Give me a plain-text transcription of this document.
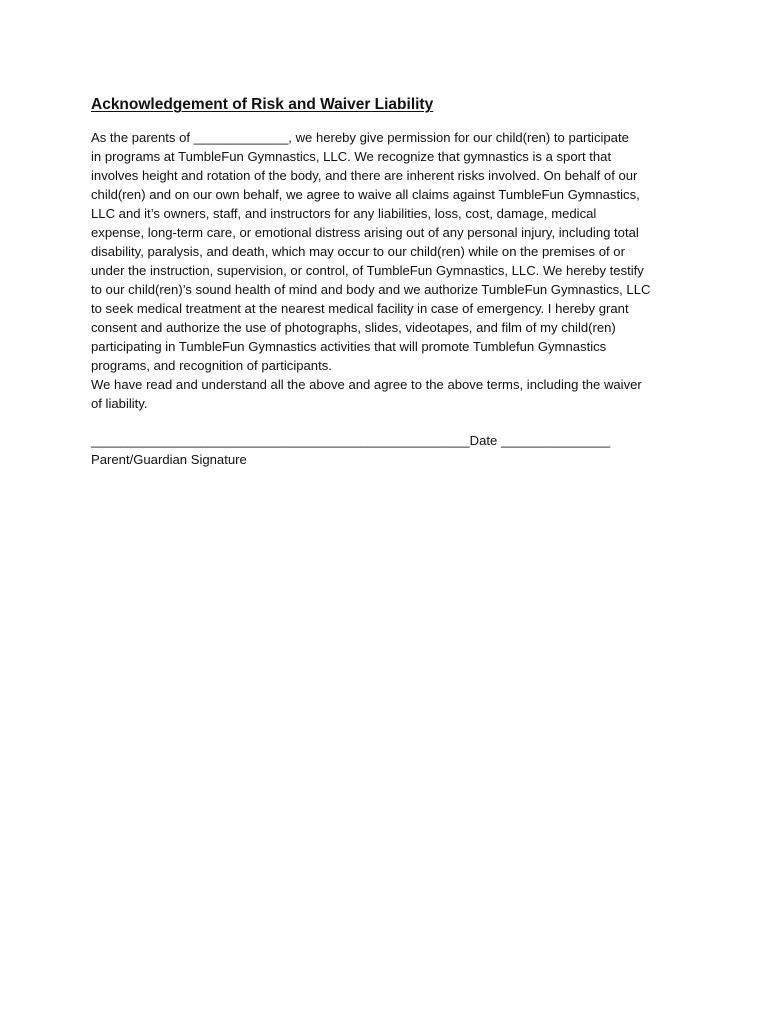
Acknowledgement of Risk and Waiver Liability

As the parents of _____________, we hereby give permission for our child(ren) to participate
in programs at TumbleFun Gymnastics, LLC. We recognize that gymnastics is a sport that
involves height and rotation of the body, and there are inherent risks involved. On behalf of our
child(ren) and on our own behalf, we agree to waive all claims against TumbleFun Gymnastics,
LLC and it’s owners, staff, and instructors for any liabilities, loss, cost, damage, medical
expense, long-term care, or emotional distress arising out of any personal injury, including total
disability, paralysis, and death, which may occur to our child(ren) while on the premises of or
under the instruction, supervision, or control, of TumbleFun Gymnastics, LLC. We hereby testify
to our child(ren)’s sound health of mind and body and we authorize TumbleFun Gymnastics, LLC
to seek medical treatment at the nearest medical facility in case of emergency. I hereby grant
consent and authorize the use of photographs, slides, videotapes, and film of my child(ren)
participating in TumbleFun Gymnastics activities that will promote Tumblefun Gymnastics
programs, and recognition of participants.
We have read and understand all the above and agree to the above terms, including the waiver
of liability.

____________________________________________________Date _______________
Parent/Guardian Signature
